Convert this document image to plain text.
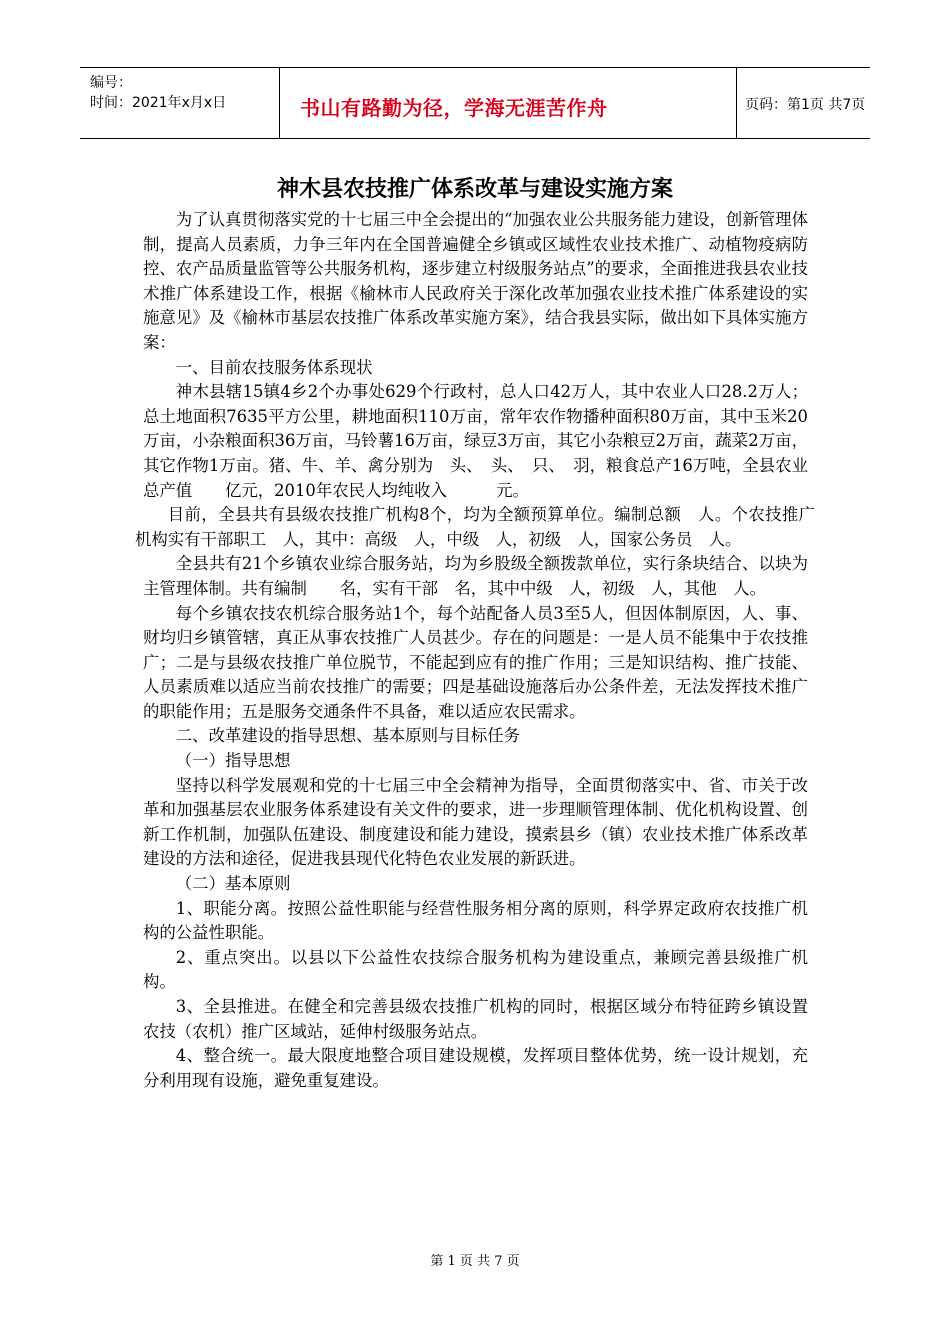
编号：
时间：2021年x月x日	书山有路勤为径，学海无涯苦作舟	页码：第1页 共7页
神木县农技推广体系改革与建设实施方案

为了认真贯彻落实党的十七届三中全会提出的“加强农业公共服务能力建设，创新管理体制，提高人员素质，力争三年内在全国普遍健全乡镇或区域性农业技术推广、动植物疫病防控、农产品质量监管等公共服务机构，逐步建立村级服务站点”的要求，全面推进我县农业技术推广体系建设工作，根据《榆林市人民政府关于深化改革加强农业技术推广体系建设的实施意见》及《榆林市基层农技推广体系改革实施方案》，结合我县实际，做出如下具体实施方案：

一、目前农技服务体系现状

神木县辖15镇4乡2个办事处629个行政村，总人口42万人，其中农业人口28.2万人；总土地面积7635平方公里，耕地面积110万亩，常年农作物播种面积80万亩，其中玉米20万亩，小杂粮面积36万亩，马铃薯16万亩，绿豆3万亩，其它小杂粮豆2万亩，蔬菜2万亩，其它作物1万亩。猪、牛、羊、禽分别为　头、　头、　只、　羽，粮食总产16万吨，全县农业总产值　　亿元，2010年农民人均纯收入　　　元。

目前，全县共有县级农技推广机构8个，均为全额预算单位。编制总额　人。个农技推广机构实有干部职工　人，其中：高级　人，中级　人，初级　人，国家公务员　人。

全县共有21个乡镇农业综合服务站，均为乡股级全额拨款单位，实行条块结合、以块为主管理体制。共有编制　　名，实有干部　名，其中中级　人，初级　人，其他　人。

每个乡镇农技农机综合服务站1个，每个站配备人员3至5人，但因体制原因，人、事、财均归乡镇管辖，真正从事农技推广人员甚少。存在的问题是：一是人员不能集中于农技推广；二是与县级农技推广单位脱节，不能起到应有的推广作用；三是知识结构、推广技能、人员素质难以适应当前农技推广的需要；四是基础设施落后办公条件差，无法发挥技术推广的职能作用；五是服务交通条件不具备，难以适应农民需求。

二、改革建设的指导思想、基本原则与目标任务

（一）指导思想

坚持以科学发展观和党的十七届三中全会精神为指导，全面贯彻落实中、省、市关于改革和加强基层农业服务体系建设有关文件的要求，进一步理顺管理体制、优化机构设置、创新工作机制，加强队伍建设、制度建设和能力建设，摸索县乡（镇）农业技术推广体系改革建设的方法和途径，促进我县现代化特色农业发展的新跃进。

（二）基本原则

1、职能分离。按照公益性职能与经营性服务相分离的原则，科学界定政府农技推广机构的公益性职能。

2、重点突出。以县以下公益性农技综合服务机构为建设重点，兼顾完善县级推广机构。

3、全县推进。在健全和完善县级农技推广机构的同时，根据区域分布特征跨乡镇设置农技（农机）推广区域站，延伸村级服务站点。

4、整合统一。最大限度地整合项目建设规模，发挥项目整体优势，统一设计规划，充分利用现有设施，避免重复建设。

第 1 页 共 7 页
